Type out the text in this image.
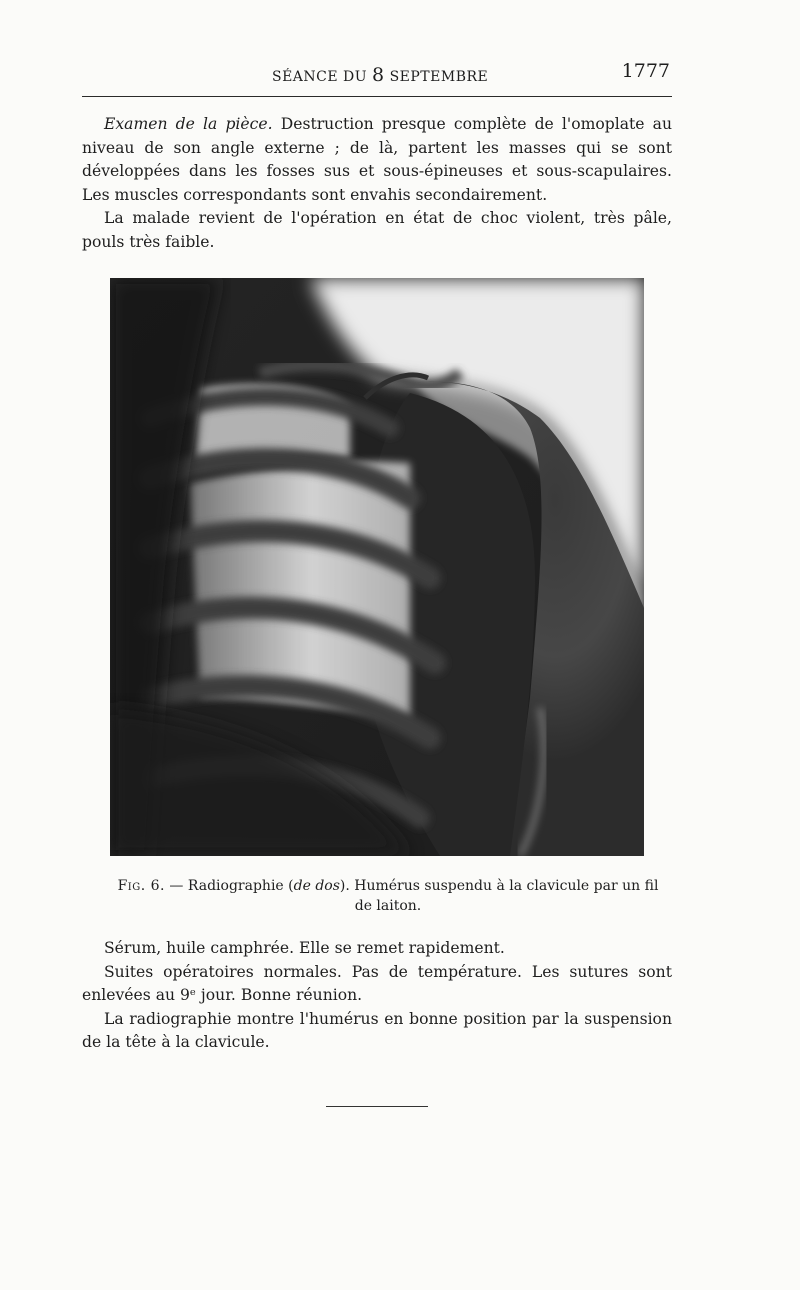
SÉANCE DU 8 SEPTEMBRE	1777

Examen de la pièce. Destruction presque complète de l'omoplate au niveau de son angle externe ; de là, partent les masses qui se sont développées dans les fosses sus et sous-épineuses et sous-scapulaires. Les muscles correspondants sont envahis secondairement.

La malade revient de l'opération en état de choc violent, très pâle, pouls très faible.

Fig. 6. — Radiographie (de dos). Humérus suspendu à la clavicule par un fil de laiton.

Sérum, huile camphrée. Elle se remet rapidement.

Suites opératoires normales. Pas de température. Les sutures sont enlevées au 9ᵉ jour. Bonne réunion.

La radiographie montre l'humérus en bonne position par la suspension de la tête à la clavicule.
